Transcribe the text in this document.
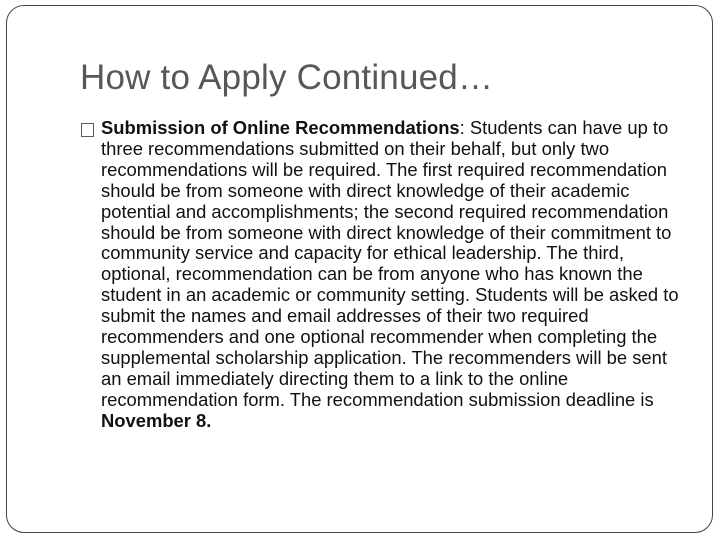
How to Apply Continued…
Submission of Online Recommendations: Students can have up to three recommendations submitted on their behalf, but only two recommendations will be required. The first required recommendation should be from someone with direct knowledge of their academic potential and accomplishments; the second required recommendation should be from someone with direct knowledge of their commitment to community service and capacity for ethical leadership. The third, optional, recommendation can be from anyone who has known the student in an academic or community setting. Students will be asked to submit the names and email addresses of their two required recommenders and one optional recommender when completing the supplemental scholarship application. The recommenders will be sent an email immediately directing them to a link to the online recommendation form. The recommendation submission deadline is November 8.
